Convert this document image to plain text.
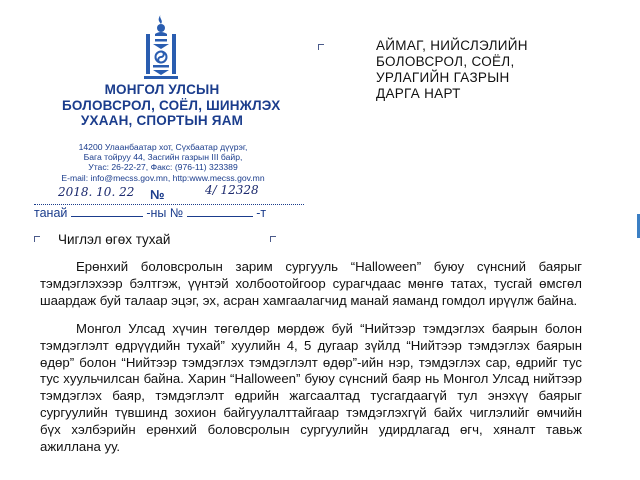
МОНГОЛ УЛСЫН
БОЛОВСРОЛ, СОЁЛ, ШИНЖЛЭХ
УХААН, СПОРТЫН ЯАМ
14200 Улаанбаатар хот, Сүхбаатар дүүрэг,
Бага тойруу 44, Засгийн газрын III байр,
Утас: 26-22-27, Факс: (976-11) 323389
E-mail: info@mecss.gov.mn, http:www.mecss.gov.mn
2018. 10. 22 №	4/ 12328
танай	-ны №	-т
АЙМАГ, НИЙСЛЭЛИЙН
БОЛОВСРОЛ, СОЁЛ,
УРЛАГИЙН ГАЗРЫН
ДАРГА НАРТ
Чиглэл өгөх тухай

Ерөнхий боловсролын зарим сургууль “Halloween” буюу сүнсний баярыг тэмдэглэхээр бэлтгэж, үүнтэй холбоотойгоор сурагчдаас мөнгө татах, тусгай өмсгөл шаардаж буй талаар эцэг, эх, асран хамгаалагчид манай яаманд гомдол ирүүлж байна.

Монгол Улсад хүчин төгөлдөр мөрдөж буй “Нийтээр тэмдэглэх баярын болон тэмдэглэлт өдрүүдийн тухай” хуулийн 4, 5 дугаар зүйлд “Нийтээр тэмдэглэх баярын өдөр” болон “Нийтээр тэмдэглэх тэмдэглэлт өдөр”-ийн нэр, тэмдэглэх сар, өдрийг тус тус хуульчилсан байна. Харин “Halloween” буюу сүнсний баяр нь Монгол Улсад нийтээр тэмдэглэх баяр, тэмдэглэлт өдрийн жагсаалтад тусгагдаагүй тул энэхүү баярыг сургуулийн түвшинд зохион байгуулалттайгаар тэмдэглэхгүй байх чиглэлийг өмчийн бүх хэлбэрийн ерөнхий боловсролын сургуулийн удирдлагад өгч, хяналт тавьж ажиллана уу.
